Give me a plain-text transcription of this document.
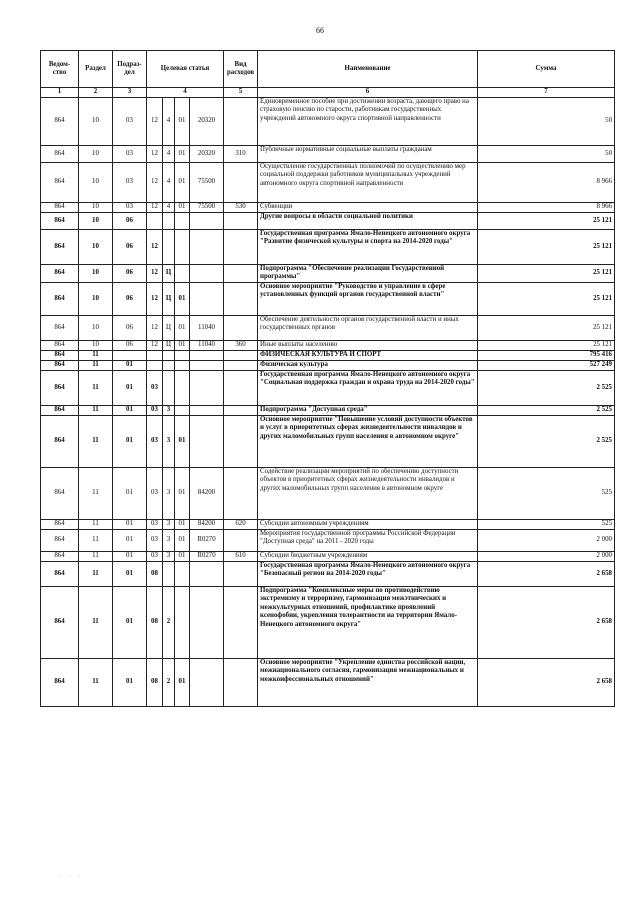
66
Ведом-ство	Раздел	Подраз-дел	Целевая статья				Вид расходов	Наименование	Сумма
1	2	3	4				5	6	7
864	10	03	12	4	01	20320		Единовременное пособие при достижении возраста, дающего право на страховую пенсию по старости, работникам государственных учреждений автономного округа спортивной направленности	50
864	10	03	12	4	01	20320	310	Публичные нормативные социальные выплаты гражданам	50
864	10	03	12	4	01	75500		Осуществление государственных полномочий по осуществлению мер социальной поддержки работников муниципальных учреждений автономного округа спортивной направленности	8 966
864	10	03	12	4	01	75500	530	Субвенции	8 966
864	10	06						Другие вопросы в области социальной политики	25 121
864	10	06	12					Государственная программа Ямало-Ненецкого автономного округа "Развитие физической культуры и спорта на 2014-2020 годы"	25 121
864	10	06	12	Ц				Подпрограмма "Обеспечение реализации Государственной программы"	25 121
864	10	06	12	Ц	01			Основное мероприятие "Руководство и управление в сфере установленных функций органов государственной власти"	25 121
864	10	06	12	Ц	01	11040		Обеспечение деятельности органов государственной власти и иных государственных органов	25 121
864	10	06	12	Ц	01	11040	360	Иные выплаты населению	25 121
864	11							ФИЗИЧЕСКАЯ КУЛЬТУРА И СПОРТ	795 416
864	11	01						Физическая культура	527 249
864	11	01	03					Государственная программа Ямало-Ненецкого автономного округа "Социальная поддержка граждан и охрана труда на 2014-2020 годы"	2 525
864	11	01	03	3				Подпрограмма "Доступная среда"	2 525
864	11	01	03	3	01			Основное мероприятие "Повышение условий доступности объектов и услуг в приоритетных сферах жизнедеятельности инвалидов и других маломобильных групп населения в автономном округе"	2 525
864	11	01	03	3	01	84200		Содействие реализации мероприятий по обеспечению доступности объектов в приоритетных сферах жизнедеятельности инвалидов и других маломобильных групп населения в автономном округе	525
864	11	01	03	3	01	84200	620	Субсидии автономным учреждениям	525
864	11	01	03	3	01	R0270		Мероприятия государственной программы Российской Федерации "Доступная среда" на 2011 - 2020 годы	2 000
864	11	01	03	3	01	R0270	610	Субсидии бюджетным учреждениям	2 000
864	11	01	08					Государственная программа Ямало-Ненецкого автономного округа "Безопасный регион на 2014-2020 годы"	2 658
864	11	01	08	2				Подпрограмма "Комплексные меры по противодействию экстремизму и терроризму, гармонизация межэтнических и межкультурных отношений, профилактике проявлений ксенофобии, укрепления толерантности на территории Ямало-Ненецкого автономного округа"	2 658
864	11	01	08	2	01			Основное мероприятие "Укрепление единства российской нации, межнационального согласия, гармонизация межнациональных и межконфессиональных отношений"	2 658
. . .
